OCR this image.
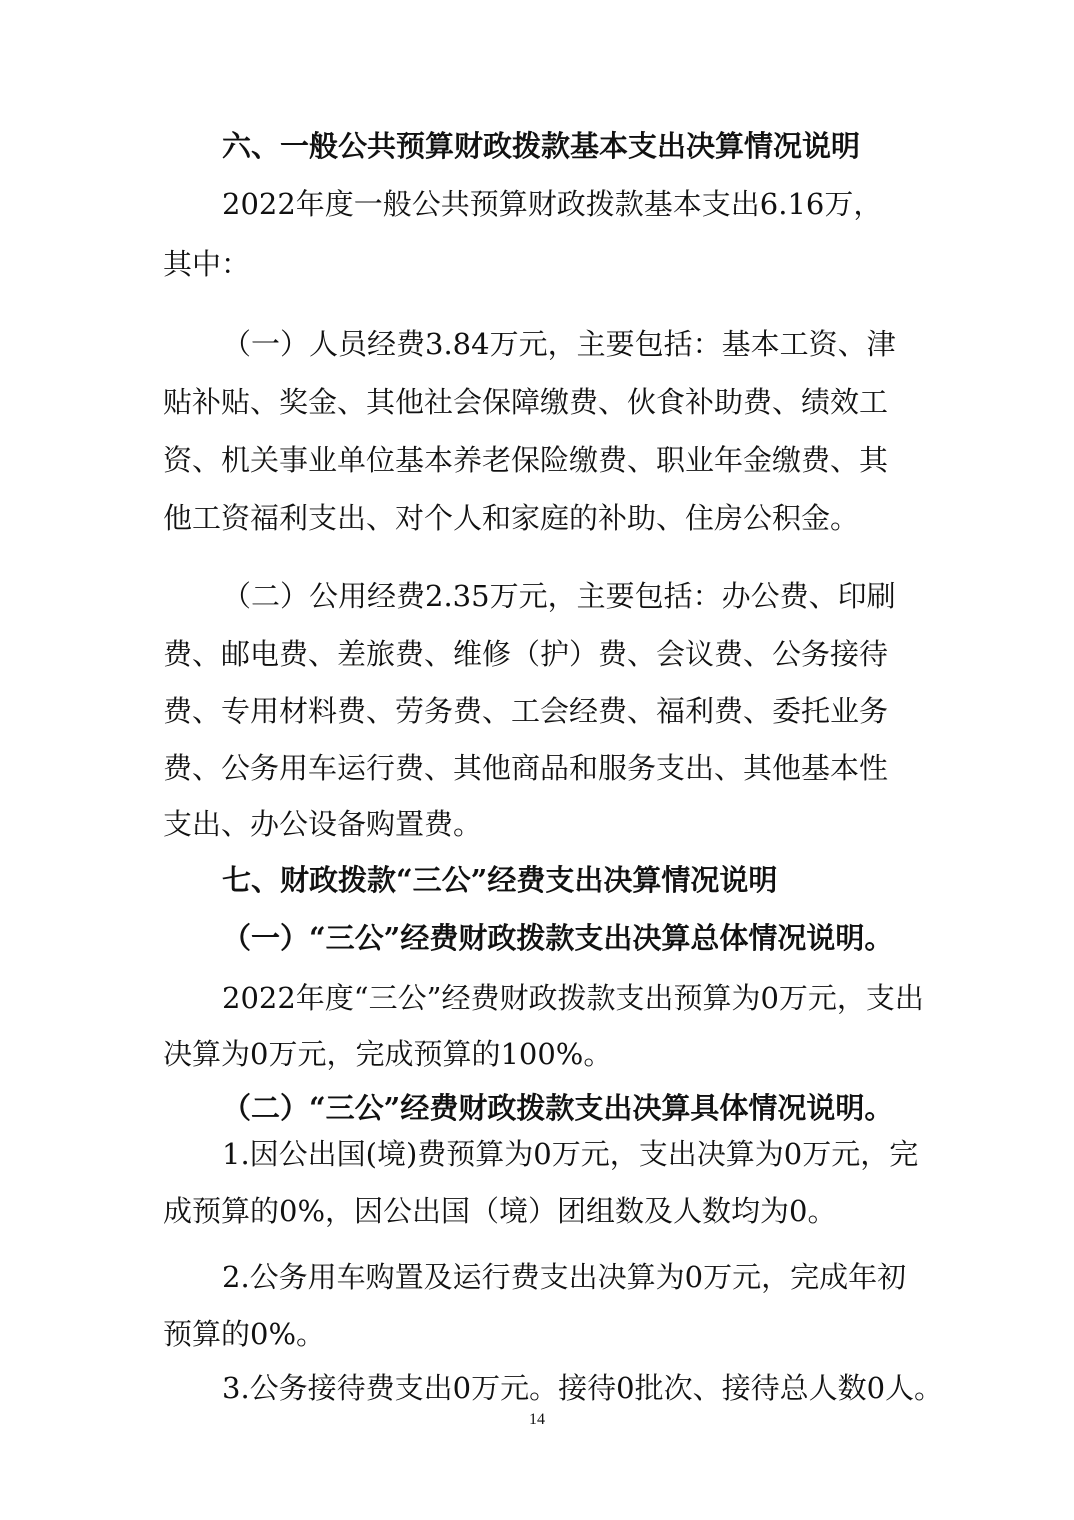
六、一般公共预算财政拨款基本支出决算情况说明
2022年度一般公共预算财政拨款基本支出6.16万，
其中：
（一）人员经费3.84万元，主要包括：基本工资、津
贴补贴、奖金、其他社会保障缴费、伙食补助费、绩效工
资、机关事业单位基本养老保险缴费、职业年金缴费、其
他工资福利支出、对个人和家庭的补助、住房公积金。
（二）公用经费2.35万元，主要包括：办公费、印刷
费、邮电费、差旅费、维修（护）费、会议费、公务接待
费、专用材料费、劳务费、工会经费、福利费、委托业务
费、公务用车运行费、其他商品和服务支出、其他基本性
支出、办公设备购置费。
七、财政拨款“三公”经费支出决算情况说明
（一）“三公”经费财政拨款支出决算总体情况说明。
2022年度“三公”经费财政拨款支出预算为0万元，支出
决算为0万元，完成预算的100%。
（二）“三公”经费财政拨款支出决算具体情况说明。
1.因公出国(境)费预算为0万元，支出决算为0万元，完
成预算的0%，因公出国（境）团组数及人数均为0。
2.公务用车购置及运行费支出决算为0万元，完成年初
预算的0%。
3.公务接待费支出0万元。接待0批次、接待总人数0人。
14
